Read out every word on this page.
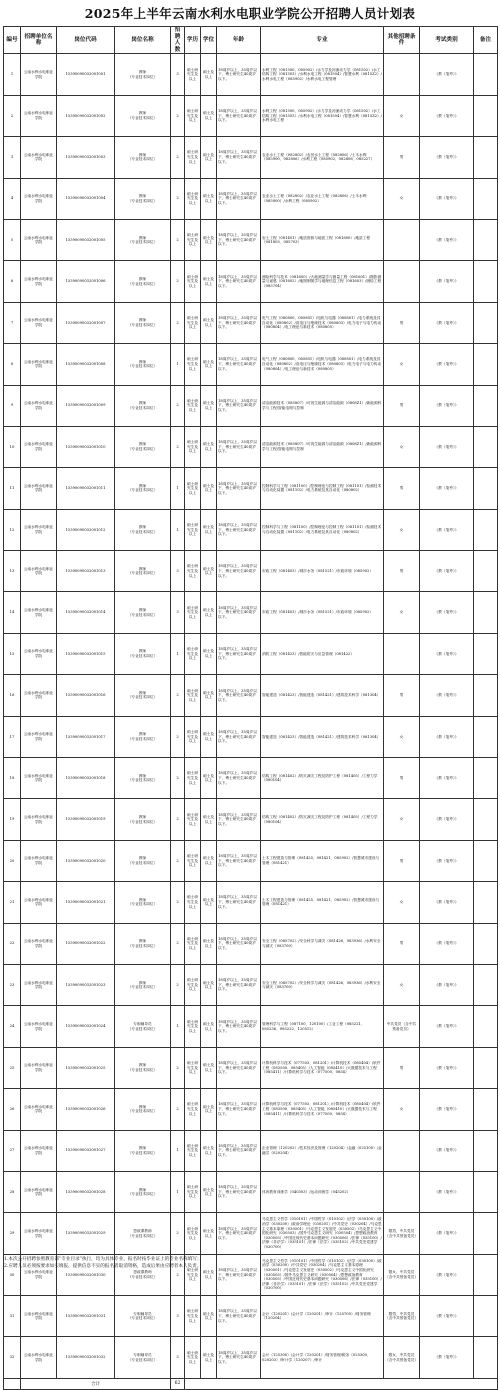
2025年上半年云南水利水电职业学院公开招聘人员计划表
编号	招聘单位名称	岗位代码	岗位名称	招聘人数	学历	学位	年龄	专业	其他招聘条件	考试类别	备注
1	云南水利水电职业学院	15390090032001001	教师
（专业技术岗位）	3	硕士研究生及以上	硕士及以上	18周岁以上，35周岁以下，博士研究生40周岁以下。	水利工程（081500、085902）/水力学及河流动力学（081502）/水工结构工程（081503）/水利水电工程（081504）/智慧水利（0815Z2）/水利水电工程（085902）/水利水电工程管理		《教（笔考）》	
2	云南水利水电职业学院	15390090032001002	教师
（专业技术岗位）	2	硕士研究生及以上	硕士及以上	18周岁以上，35周岁以下，博士研究生40周岁以下。	水利工程（081500、085902）/水力学及河流动力学（081502）/水工结构工程（081503）/水利水电工程（081504）/智慧水利（0815Z2）/水利水电工程	女	《教（笔考）》	
3	云南水利水电职业学院	15390090032001003	教师
（专业技术岗位）	2	硕士研究生及以上	硕士及以上	18周岁以上，35周岁以下，博士研究生40周岁以下。	农业水土工程（082802）/农田水土工程（082806）/土木水利（085900、082806）/水利工程（085902、082806、085227）	男	《教（笔考）》	
4	云南水利水电职业学院	15390090032001004	教师
（专业技术岗位）	2	硕士研究生及以上	硕士及以上	18周岁以上，35周岁以下，博士研究生40周岁以下。	农业水土工程（082802）/农业水土工程（082806）/土木水利（085900）/水利工程（085902）	女	《教（笔考）》	
5	云南水利水电职业学院	15390090032001005	教师
（专业技术岗位）	2	硕士研究生及以上	硕士及以上	18周岁以上，35周岁以下，博士研究生40周岁以下。	岩土工程（081401）/地质资源与地质工程（081800）/地质工程（081803、085703）		《教（笔考）》	
6	云南水利水电职业学院	15390090032001006	教师
（专业技术岗位）	2	硕士研究生及以上	硕士及以上	18周岁以上，35周岁以下，博士研究生40周岁以下。	测绘科学与技术（081600）/大地测量学与测量工程（081601）/摄影测量与遥感（081602）/地图制图学与地理信息工程（081603）/测绘工程（085704）		《教（笔考）》	
7	云南水利水电职业学院	15390090032001007	教师
（专业技术岗位）	2	硕士研究生及以上	硕士及以上	18周岁以上，35周岁以下，博士研究生40周岁以下。	电气工程（080800、085801）/电机与电器（080801）/电力系统及其自动化（080802）/高电压与绝缘技术（080803）/电力电子与电力传动（080804）/电工理论与新技术（080805）	男	《教（笔考）》	
8	云南水利水电职业学院	15390090032001008	教师
（专业技术岗位）	1	硕士研究生及以上	硕士及以上	18周岁以上，35周岁以下，博士研究生40周岁以下。	电气工程（080800、085801）/电机与电器（080801）/电力系统及其自动化（080802）/高电压与绝缘技术（080803）/电力电子与电力传动（080804）/电工理论与新技术（080805）	女	《教（笔考）》	
9	云南水利水电职业学院	15390090032001009	教师
（专业技术岗位）	2	硕士研究生及以上	硕士及以上	18周岁以上，35周岁以下，博士研究生40周岁以下。	清洁能源技术（085807）/可再生能源与清洁能源（0808Z1）/新能源科学与工程/智能电网与控制	男	《教（笔考）》	
10	云南水利水电职业学院	15390090032001010	教师
（专业技术岗位）	2	硕士研究生及以上	硕士及以上	18周岁以上，35周岁以下，博士研究生40周岁以下。	清洁能源技术（085807）/可再生能源与清洁能源（0808Z1）/新能源科学与工程/智能电网与控制	女	《教（笔考）》	
11	云南水利水电职业学院	15390090032001011	教师
（专业技术岗位）	1	硕士研究生及以上	硕士及以上	18周岁以上，35周岁以下，博士研究生40周岁以下。	控制科学与工程（081100）/控制理论与控制工程（081101）/检测技术与自动化装置（081102）/电力系统及其自动化（080802）	男	《教（笔考）》	
12	云南水利水电职业学院	15390090032001012	教师
（专业技术岗位）	1	硕士研究生及以上	硕士及以上	18周岁以上，35周岁以下，博士研究生40周岁以下。	控制科学与工程（081100）/控制理论与控制工程（081101）/检测技术与自动化装置（081102）/电力系统及其自动化（080802）	女	《教（笔考）》	
13	云南水利水电职业学院	15390090032001013	教师
（专业技术岗位）	3	硕士研究生及以上	硕士及以上	18周岁以上，35周岁以下，博士研究生40周岁以下。	市政工程（081403）/城市水务（081521）/市政环境（085902）	男	《教（笔考）》	
14	云南水利水电职业学院	15390090032001014	教师
（专业技术岗位）	3	硕士研究生及以上	硕士及以上	18周岁以上，35周岁以下，博士研究生40周岁以下。	市政工程（081403）/城市水务（081521）/市政环境（085902）	女	《教（笔考）》	
15	云南水利水电职业学院	15390090032001015	教师
（专业技术岗位）	1	硕士研究生及以上	硕士及以上	18周岁以上，35周岁以下，博士研究生40周岁以下。	消防工程（081423）/智能防灾与应急管理（081422）		《教（笔考）》	
16	云南水利水电职业学院	15390090032001016	教师
（专业技术岗位）	2	硕士研究生及以上	硕士及以上	18周岁以上，35周岁以下，博士研究生40周岁以下。	智能建造（081423）/智能建造（081421）/建筑技术科学（081304）	男	《教（笔考）》	
17	云南水利水电职业学院	15390090032001017	教师
（专业技术岗位）	2	硕士研究生及以上	硕士及以上	18周岁以上，35周岁以下，博士研究生40周岁以下。	智能建造（081423）/智能建造（081421）/建筑技术科学（081304）	女	《教（笔考）》	
18	云南水利水电职业学院	15390090032001018	教师
（专业技术岗位）	2	硕士研究生及以上	硕士及以上	18周岁以上，35周岁以下，博士研究生40周岁以下。	结构工程（081402）/防灾减灾工程及防护工程（081405）/工程力学（080104）	男	《教（笔考）》	
19	云南水利水电职业学院	15390090032001019	教师
（专业技术岗位）	2	硕士研究生及以上	硕士及以上	18周岁以上，35周岁以下，博士研究生40周岁以下。	结构工程（081402）/防灾减灾工程及防护工程（081405）/工程力学（080104）	女	《教（笔考）》	
20	云南水利水电职业学院	15390090032001020	教师
（专业技术岗位）	2	硕士研究生及以上	硕士及以上	18周岁以上，35周岁以下，博士研究生40周岁以下。	土木工程建造与管理（081425、081421、085902）/智慧城市建设与管理（081421）	男	《教（笔考）》	
21	云南水利水电职业学院	15390090032001021	教师
（专业技术岗位）	2	硕士研究生及以上	硕士及以上	18周岁以上，35周岁以下，博士研究生40周岁以下。	土木工程建造与管理（081425、081421、085902）/智慧城市建设与管理（081421）	女	《教（笔考）》	
22	云南水利水电职业学院	15390090032001022	教师
（专业技术岗位）	2	硕士研究生及以上	硕士及以上	18周岁以上，35周岁以下，博士研究生40周岁以下。	安全工程（085702）/安全科学与减灾（081426、083936）/水利安全与减灾（083700）	男	《教（笔考）》	
23	云南水利水电职业学院	15390090032001023	教师
（专业技术岗位）	2	硕士研究生及以上	硕士及以上	18周岁以上，35周岁以下，博士研究生40周岁以下。	安全工程（085702）/安全科学与减灾（081426、083936）/水利安全与减灾（083700）	女	《教（笔考）》	
24	云南水利水电职业学院	15390090032001024	专职辅导员
（专业技术岗位）	1	硕士研究生及以上	硕士及以上	18周岁以上，35周岁以下，博士研究生40周岁以下。	管理科学与工程（087100、120100）/工业工程（085221、085236、085222、120512）	中共党员（含中共预备党员）	《教（笔考）》	
25	云南水利水电职业学院	15390090032001025	教师
（专业技术岗位）	2	硕士研究生及以上	硕士及以上	18周岁以上，35周岁以下，博士研究生40周岁以下。	计算机科学与技术（077503、081201）/计算机技术（085404）/软件工程（083500、085405）/人工智能（085410）/大数据技术与工程（085411）/计算机科学与技术（077500、0854）	男	《教（笔考）》	
26	云南水利水电职业学院	15390090032001026	教师
（专业技术岗位）	2	硕士研究生及以上	硕士及以上	18周岁以上，35周岁以下，博士研究生40周岁以下。	计算机科学与技术（077503、081201）/计算机技术（085404）/软件工程（083500、085405）/人工智能（085410）/大数据技术与工程（085411）/计算机科学与技术（077500、0854）	女	《教（笔考）》	
27	云南水利水电职业学院	15390090032001027	教师
（专业技术岗位）	1	硕士研究生及以上	硕士及以上	18周岁以上，35周岁以下，博士研究生40周岁以下。	企业管理（120202）/技术经济及管理（120204）/金融（025100）/金融学（020204）		《教（笔考）》	
28	云南水利水电职业学院	15390090032001028	教师
（专业技术岗位）	1	硕士研究生及以上	硕士及以上	18周岁以上，35周岁以下，博士研究生40周岁以下。	体育教育训练学（040303）/运动训练学（045202）		《教（笔考）》	
29	云南水利水电职业学院	15390090032001029	思政课教师
（专业技术岗位）	2	硕士研究生及以上	硕士及以上	18周岁以上，35周岁以下，博士研究生40周岁以下。	马克思主义哲学（010101）/中国哲学（010102）/法学（030100）/政治学（030200）/政治学理论（030201）/中共党史（030204）/马克思主义基本原理（030501）/马克思主义发展史（030502）/马克思主义中国化研究（030503）/国外马克思主义研究（030504）/思想政治教育（030505）/中国近现代史基本问题研究（030506）/法律（035100）/法律（非法学）（035101）/法律（法学）（035102）/中共党史党建学（030700）	限男，中共党员（含中共预备党员）	《教（笔考）》	
30	云南水利水电职业学院	15390090032001030	思政课教师
（专业技术岗位）	2	硕士研究生及以上	硕士及以上	18周岁以上，35周岁以下，博士研究生40周岁以下。	马克思主义哲学（010101）/中国哲学（010102）/法学（030100）/政治学（030200）/中共党史（030204）/马克思主义基本原理（030501）/马克思主义发展史（030502）/马克思主义中国化研究（030503）/国外马克思主义研究（030504）/思想政治教育（030505）/中国近现代史基本问题研究（030506）/法律（035100）/法律（非法学）（035101）/法律（法学）（035102）/中共党史党建学（030700）	限女，中共党员（含中共预备党员）	《教（笔考）》	
31	云南水利水电职业学院	15390090032001031	专职辅导员
（专业技术岗位）	3	硕士研究生及以上	硕士及以上	18周岁以上，35周岁以下，博士研究生40周岁以下。	会计（120201）/会计学（120201）/审计（125700）/财务管理（120204）	限男，中共党员（含中共预备党员）	《教（笔考）》	
32	云南水利水电职业学院	15390090032001032	专职辅导员
（专业技术岗位）	3	硕士研究生及以上	硕士及以上	18周岁以上，35周岁以下，博士研究生40周岁以下。	会计（125300）/会计学（120201）/财务管理/税务（025300、020203）/审计学（120207）/审计	限女，中共党员（含中共预备党员）	《教（笔考）》	
	合计			62							
1.本次公开招聘参照教育部“专业目录”执行，均为具体专业，报名时按毕业证上的专业名称填写；
2.应聘人员必须按要求如实填报，提供信息不实的报名者取消资格，造成后果由应聘者本人负责。
